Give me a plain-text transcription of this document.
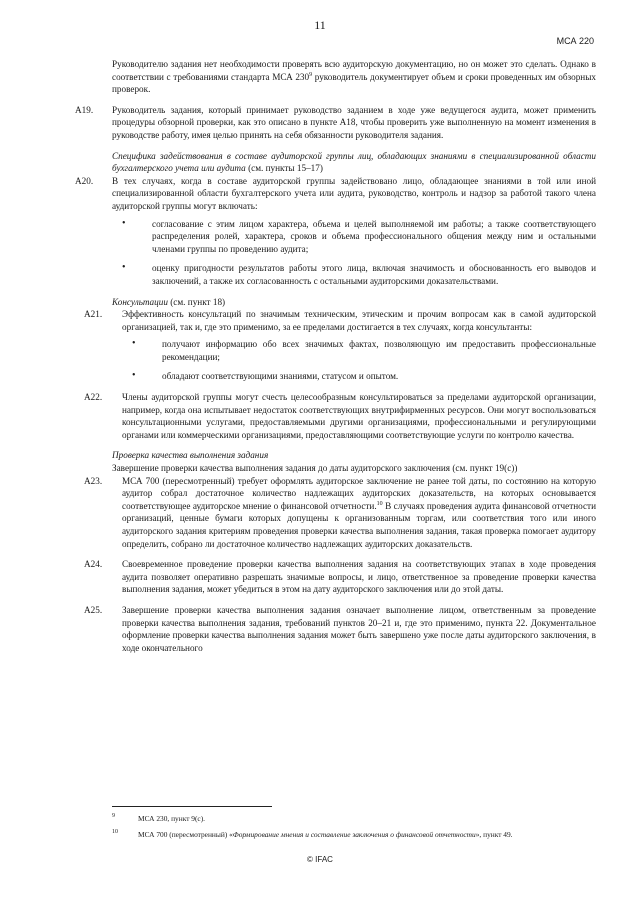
11
МСА 220

Руководителю задания нет необходимости проверять всю аудиторскую документацию, но он может это сделать. Однако в соответствии с требованиями стандарта МСА $230^9$ руководитель документирует объем и сроки проведенных им обзорных проверок.

A19. Руководитель задания, который принимает руководство заданием в ходе уже ведущегося аудита, может применить процедуры обзорной проверки, как это описано в пункте A18, чтобы проверить уже выполненную на момент изменения в руководстве работу, имея целью принять на себя обязанности руководителя задания.

Специфика задействования в составе аудиторской группы лиц, обладающих знаниями в специализированной области бухгалтерского учета или аудита (см. пункты 15–17)

A20. В тех случаях, когда в составе аудиторской группы задействовано лицо, обладающее знаниями в той или иной специализированной области бухгалтерского учета или аудита, руководство, контроль и надзор за работой такого члена аудиторской группы могут включать:

•	согласование с этим лицом характера, объема и целей выполняемой им работы; а также соответствующего распределения ролей, характера, сроков и объема профессионального общения между ним и остальными членами группы по проведению аудита;
•	оценку пригодности результатов работы этого лица, включая значимость и обоснованность его выводов и заключений, а также их согласованность с остальными аудиторскими доказательствами.

Консультации (см. пункт 18)

A21. Эффективность консультаций по значимым техническим, этическим и прочим вопросам как в самой аудиторской организацией, так и, где это применимо, за ее пределами достигается в тех случаях, когда консультанты:

•	получают информацию обо всех значимых фактах, позволяющую им предоставить профессиональные рекомендации;
•	обладают соответствующими знаниями, статусом и опытом.
A22. Члены аудиторской группы могут счесть целесообразным консультироваться за пределами аудиторской организации, например, когда она испытывает недостаток соответствующих внутрифирменных ресурсов. Они могут воспользоваться консультационными услугами, предоставляемыми другими организациями, профессиональными и регулирующими органами или коммерческими организациями, предоставляющими соответствующие услуги по контролю качества.

Проверка качества выполнения задания

Завершение проверки качества выполнения задания до даты аудиторского заключения (см. пункт 19(c))

A23. МСА 700 (пересмотренный) требует оформлять аудиторское заключение не ранее той даты, по состоянию на которую аудитор собрал достаточное количество надлежащих аудиторских доказательств, на которых основывается соответствующее аудиторское мнение о финансовой отчетности.$^{10}$ В случаях проведения аудита финансовой отчетности организаций, ценные бумаги которых допущены к организованным торгам, или соответствия того или иного аудиторского задания критериям проведения проверки качества выполнения задания, такая проверка помогает аудитору определить, собрано ли достаточное количество надлежащих аудиторских доказательств.

A24. Своевременное проведение проверки качества выполнения задания на соответствующих этапах в ходе проведения аудита позволяет оперативно разрешать значимые вопросы, и лицо, ответственное за проведение проверки качества выполнения задания, может убедиться в этом на дату аудиторского заключения или до этой даты.

A25. Завершение проверки качества выполнения задания означает выполнение лицом, ответственным за проведение проверки качества выполнения задания, требований пунктов 20–21 и, где это применимо, пункта 22. Документальное оформление проверки качества выполнения задания может быть завершено уже после даты аудиторского заключения, в ходе окончательного

9	МСА 230, пункт 9(с).
10	МСА 700 (пересмотренный) «Формирование мнения и составление заключения о финансовой отчетности», пункт 49.
© IFAC
